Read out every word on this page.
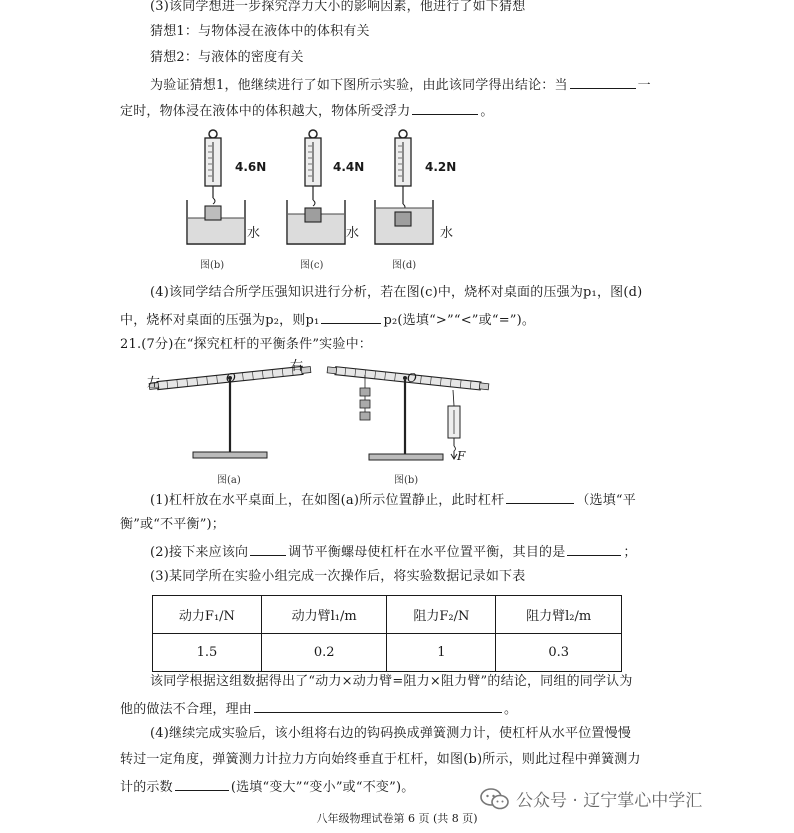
(3)该同学想进一步探究浮力大小的影响因素，他进行了如下猜想
猜想1：与物体浸在液体中的体积有关
猜想2：与液体的密度有关
为验证猜想1，他继续进行了如下图所示实验，由此该同学得出结论：当	一
定时，物体浸在液体中的体积越大，物体所受浮力	。
4.6N
水
图(b)
4.4N
水
图(c)
4.2N
水
图(d)
(4)该同学结合所学压强知识进行分析，若在图(c)中，烧杯对桌面的压强为p₁，图(d)
中，烧杯对桌面的压强为p₂，则p₁	p₂(选填“>”“<”或“=”)。
21.(7分)在“探究杠杆的平衡条件”实验中：
左
右
O
图(a)
O
F
图(b)
(1)杠杆放在水平桌面上，在如图(a)所示位置静止，此时杠杆	（选填“平
衡”或“不平衡”)；
(2)接下来应该向	调节平衡螺母使杠杆在水平位置平衡，其目的是	；
(3)某同学所在实验小组完成一次操作后，将实验数据记录如下表
动力F₁/N	动力臂l₁/m	阻力F₂/N	阻力臂l₂/m
1.5	0.2	1	0.3
该同学根据这组数据得出了“动力×动力臂=阻力×阻力臂”的结论，同组的同学认为
他的做法不合理，理由	。
(4)继续完成实验后，该小组将右边的钩码换成弹簧测力计，使杠杆从水平位置慢慢
转过一定角度，弹簧测力计拉力方向始终垂直于杠杆，如图(b)所示，则此过程中弹簧测力
计的示数	(选填“变大”“变小”或“不变”)。
公众号 · 辽宁掌心中学汇
八年级物理试卷第 6 页 (共 8 页)
